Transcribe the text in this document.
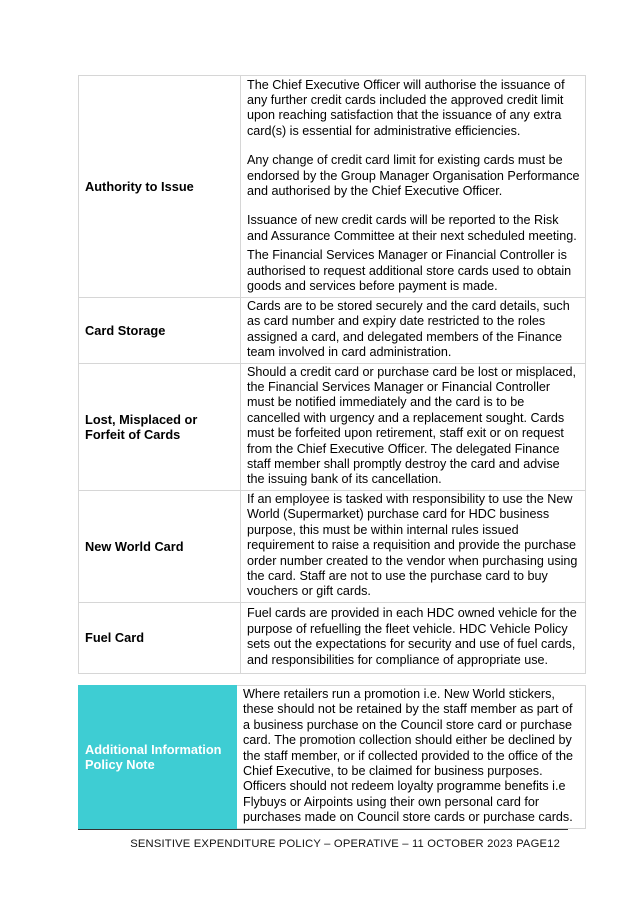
Authority to Issue	The Chief Executive Officer will authorise the issuance of any further credit cards included the approved credit limit upon reaching satisfaction that the issuance of any extra card(s) is essential for administrative efficiencies.

Any change of credit card limit for existing cards must be endorsed by the Group Manager Organisation Performance and authorised by the Chief Executive Officer.

Issuance of new credit cards will be reported to the Risk and Assurance Committee at their next scheduled meeting.

The Financial Services Manager or Financial Controller is authorised to request additional store cards used to obtain goods and services before payment is made.

Card Storage	Cards are to be stored securely and the card details, such as card number and expiry date restricted to the roles assigned a card, and delegated members of the Finance team involved in card administration.

Lost, Misplaced or Forfeit of Cards	Should a credit card or purchase card be lost or misplaced, the Financial Services Manager or Financial Controller must be notified immediately and the card is to be cancelled with urgency and a replacement sought. Cards must be forfeited upon retirement, staff exit or on request from the Chief Executive Officer. The delegated Finance staff member shall promptly destroy the card and advise the issuing bank of its cancellation.

New World Card	If an employee is tasked with responsibility to use the New World (Supermarket) purchase card for HDC business purpose, this must be within internal rules issued requirement to raise a requisition and provide the purchase order number created to the vendor when purchasing using the card. Staff are not to use the purchase card to buy vouchers or gift cards.

Fuel Card	Fuel cards are provided in each HDC owned vehicle for the purpose of refuelling the fleet vehicle. HDC Vehicle Policy sets out the expectations for security and use of fuel cards, and responsibilities for compliance of appropriate use.

Additional Information Policy Note	Where retailers run a promotion i.e. New World stickers, these should not be retained by the staff member as part of a business purchase on the Council store card or purchase card. The promotion collection should either be declined by the staff member, or if collected provided to the office of the Chief Executive, to be claimed for business purposes. Officers should not redeem loyalty programme benefits i.e Flybuys or Airpoints using their own personal card for purchases made on Council store cards or purchase cards.
SENSITIVE EXPENDITURE POLICY – OPERATIVE – 11 OCTOBER 2023 PAGE12
